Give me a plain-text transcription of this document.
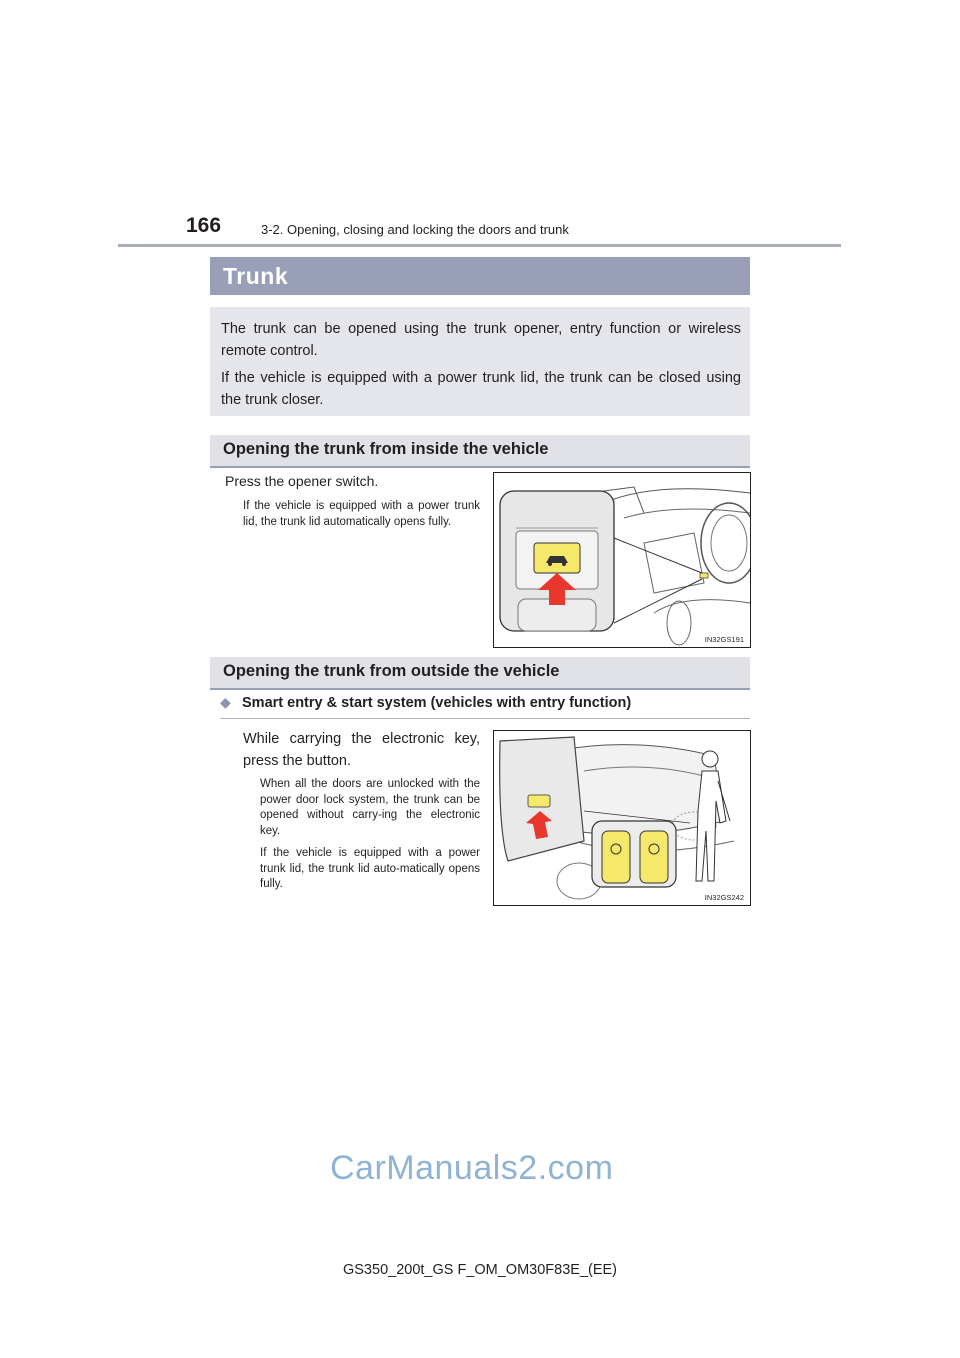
166	3-2. Opening, closing and locking the doors and trunk
Trunk

The trunk can be opened using the trunk opener, entry function or wireless remote control.

If the vehicle is equipped with a power trunk lid, the trunk can be closed using the trunk closer.

Opening the trunk from inside the vehicle
Press the opener switch.
If the vehicle is equipped with a power trunk lid, the trunk lid automatically opens fully.
IN32GS191
Opening the trunk from outside the vehicle
◆ Smart entry & start system (vehicles with entry function)
While carrying the electronic key, press the button.
When all the doors are unlocked with the power door lock system, the trunk can be opened without carry-ing the electronic key.
If the vehicle is equipped with a power trunk lid, the trunk lid auto-matically opens fully.
IN32GS242
CarManuals2.com
GS350_200t_GS F_OM_OM30F83E_(EE)
